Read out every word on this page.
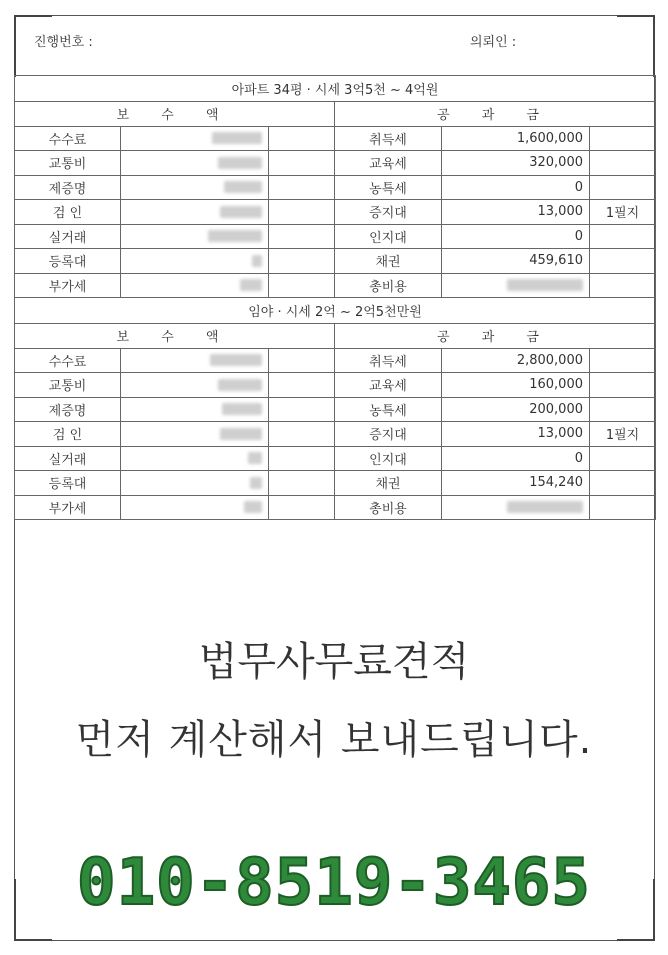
진행번호 :	의뢰인 :
아파트 34평 · 시세 3억5천 ~ 4억원					
보 수 액			공 과 금		
수수료			취득세	1,600,000	
교통비			교육세	320,000	
제증명			농특세	0	
검 인			증지대	13,000	1필지
실거래			인지대	0	
등록대			채권	459,610	
부가세			총비용		
임야 · 시세 2억 ~ 2억5천만원					
보 수 액			공 과 금		
수수료			취득세	2,800,000	
교통비			교육세	160,000	
제증명			농특세	200,000	
검 인			증지대	13,000	1필지
실거래			인지대	0	
등록대			채권	154,240	
부가세			총비용		
법무사무료견적
먼저 계산해서 보내드립니다.
010-8519-3465
